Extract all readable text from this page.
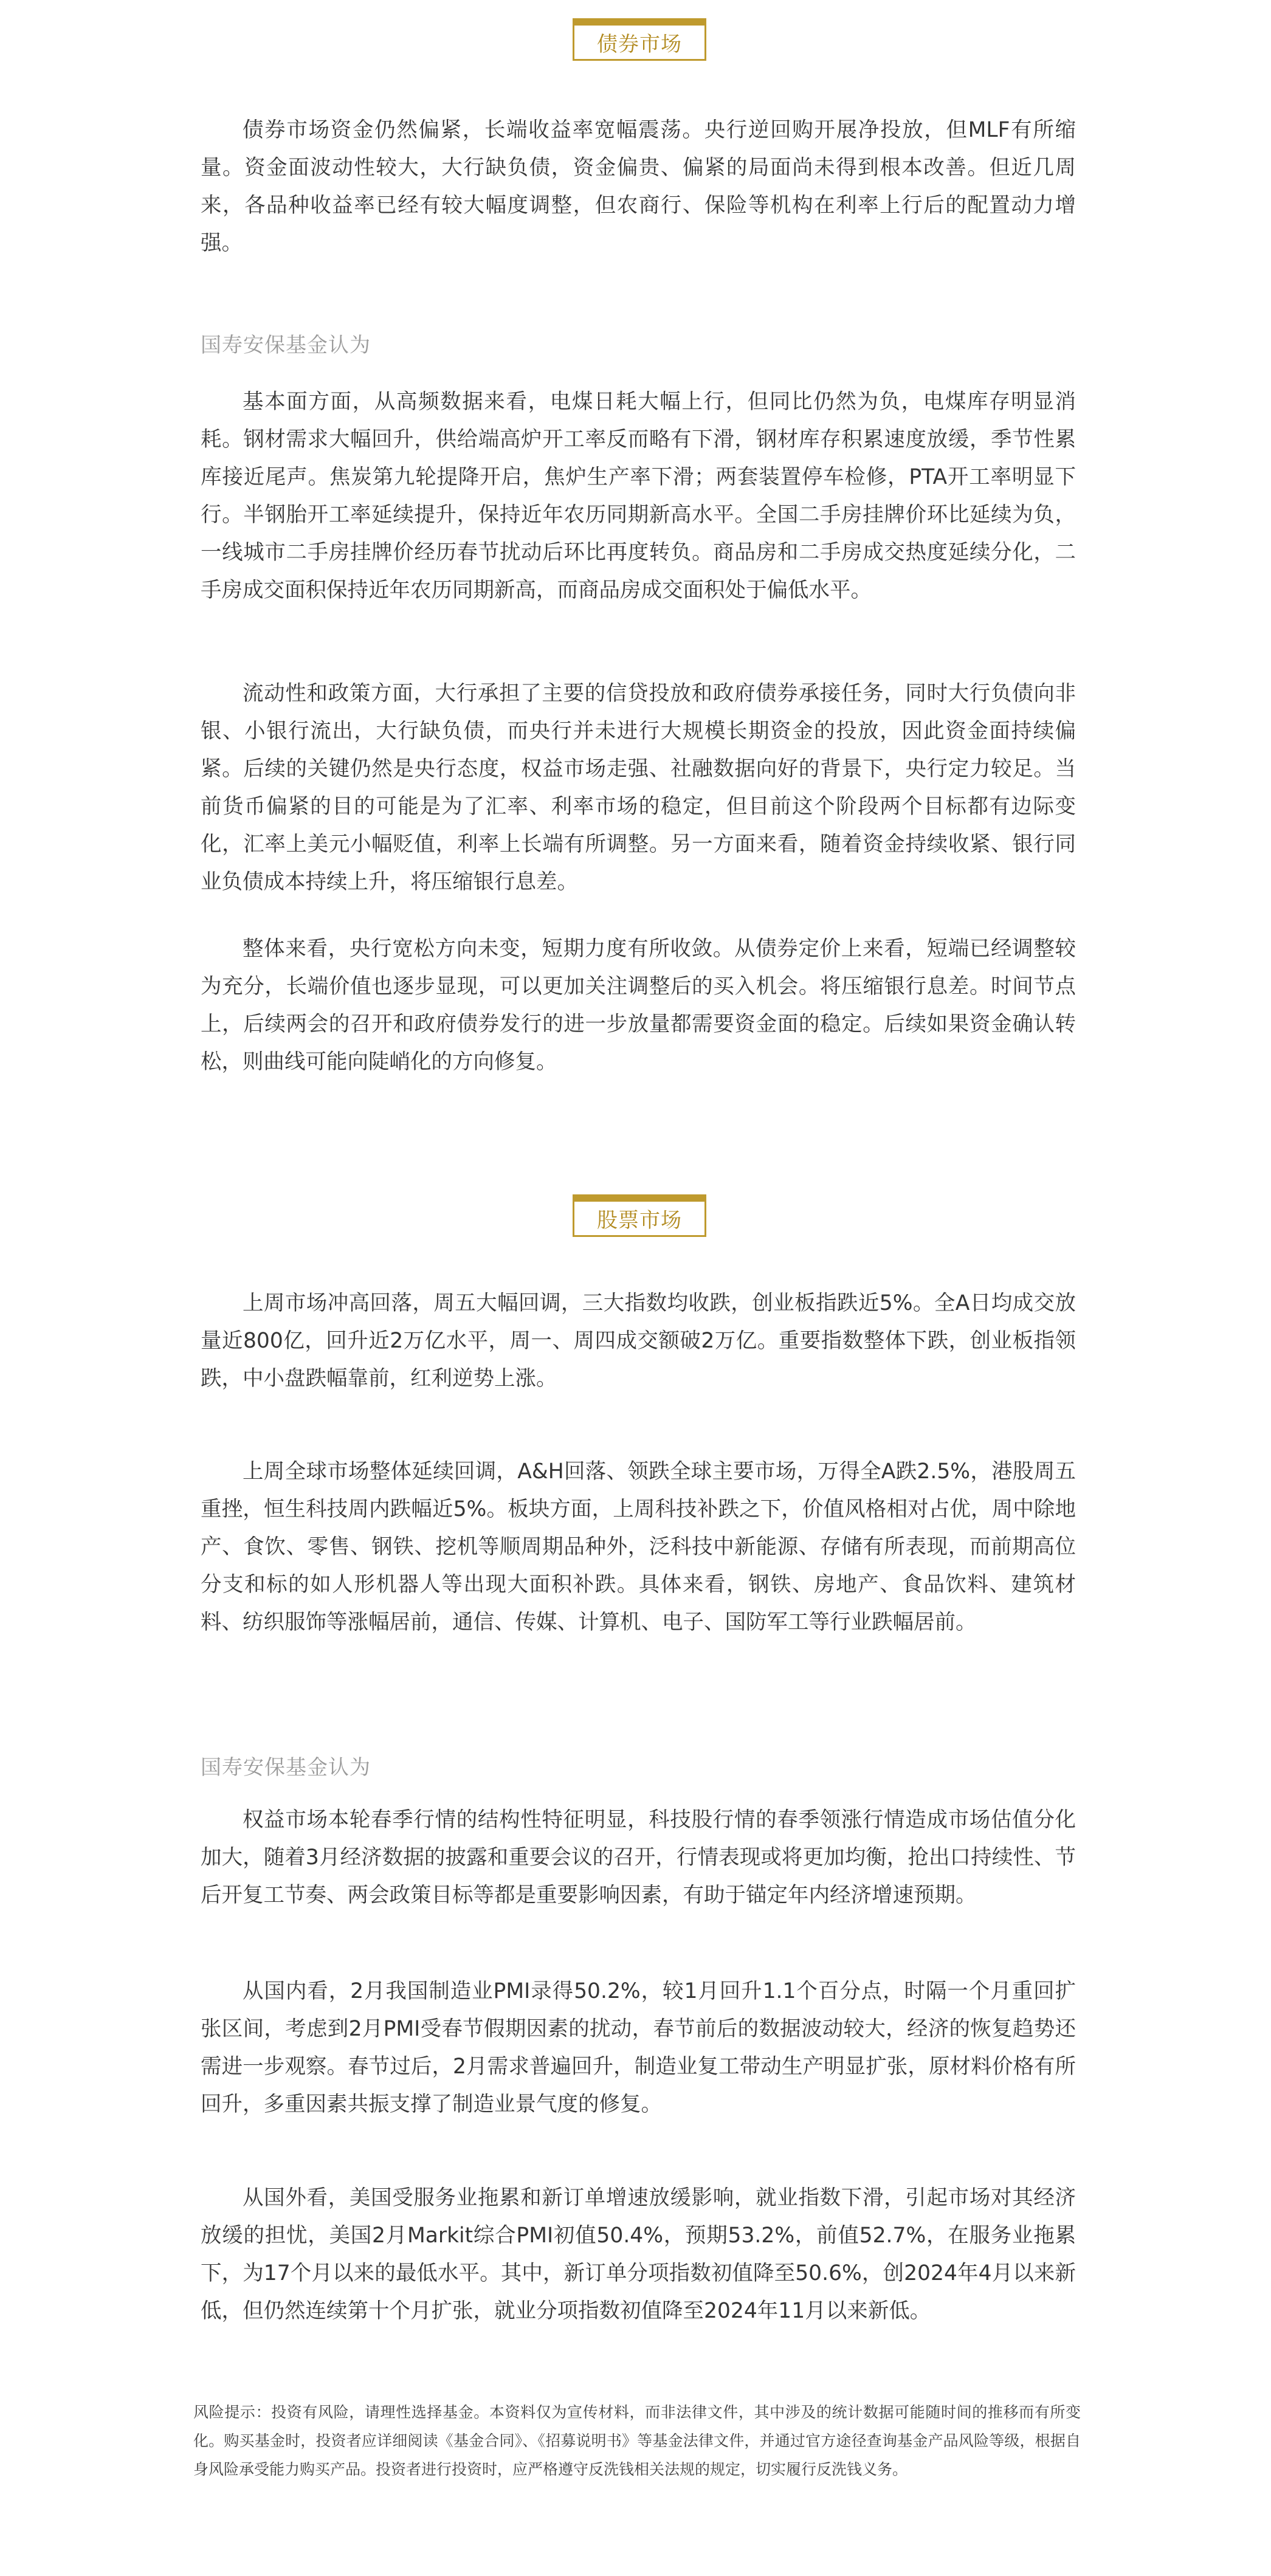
债券市场

债券市场资金仍然偏紧，长端收益率宽幅震荡。央行逆回购开展净投放，但MLF有所缩量。资金面波动性较大，大行缺负债，资金偏贵、偏紧的局面尚未得到根本改善。但近几周来，各品种收益率已经有较大幅度调整，但农商行、保险等机构在利率上行后的配置动力增强。

国寿安保基金认为

基本面方面，从高频数据来看，电煤日耗大幅上行，但同比仍然为负，电煤库存明显消耗。钢材需求大幅回升，供给端高炉开工率反而略有下滑，钢材库存积累速度放缓，季节性累库接近尾声。焦炭第九轮提降开启，焦炉生产率下滑；两套装置停车检修，PTA开工率明显下行。半钢胎开工率延续提升，保持近年农历同期新高水平。全国二手房挂牌价环比延续为负，一线城市二手房挂牌价经历春节扰动后环比再度转负。商品房和二手房成交热度延续分化，二手房成交面积保持近年农历同期新高，而商品房成交面积处于偏低水平。

流动性和政策方面，大行承担了主要的信贷投放和政府债券承接任务，同时大行负债向非银、小银行流出，大行缺负债，而央行并未进行大规模长期资金的投放，因此资金面持续偏紧。后续的关键仍然是央行态度，权益市场走强、社融数据向好的背景下，央行定力较足。当前货币偏紧的目的可能是为了汇率、利率市场的稳定，但目前这个阶段两个目标都有边际变化，汇率上美元小幅贬值，利率上长端有所调整。另一方面来看，随着资金持续收紧、银行同业负债成本持续上升，将压缩银行息差。

整体来看，央行宽松方向未变，短期力度有所收敛。从债券定价上来看，短端已经调整较为充分，长端价值也逐步显现，可以更加关注调整后的买入机会。将压缩银行息差。时间节点上，后续两会的召开和政府债券发行的进一步放量都需要资金面的稳定。后续如果资金确认转松，则曲线可能向陡峭化的方向修复。

股票市场

上周市场冲高回落，周五大幅回调，三大指数均收跌，创业板指跌近5%。全A日均成交放量近800亿，回升近2万亿水平，周一、周四成交额破2万亿。重要指数整体下跌，创业板指领跌，中小盘跌幅靠前，红利逆势上涨。

上周全球市场整体延续回调，A&H回落、领跌全球主要市场，万得全A跌2.5%，港股周五重挫，恒生科技周内跌幅近5%。板块方面，上周科技补跌之下，价值风格相对占优，周中除地产、食饮、零售、钢铁、挖机等顺周期品种外，泛科技中新能源、存储有所表现，而前期高位分支和标的如人形机器人等出现大面积补跌。具体来看，钢铁、房地产、食品饮料、建筑材料、纺织服饰等涨幅居前，通信、传媒、计算机、电子、国防军工等行业跌幅居前。

国寿安保基金认为

权益市场本轮春季行情的结构性特征明显，科技股行情的春季领涨行情造成市场估值分化加大，随着3月经济数据的披露和重要会议的召开，行情表现或将更加均衡，抢出口持续性、节后开复工节奏、两会政策目标等都是重要影响因素，有助于锚定年内经济增速预期。

从国内看，2月我国制造业PMI录得50.2%，较1月回升1.1个百分点，时隔一个月重回扩张区间，考虑到2月PMI受春节假期因素的扰动，春节前后的数据波动较大，经济的恢复趋势还需进一步观察。春节过后，2月需求普遍回升，制造业复工带动生产明显扩张，原材料价格有所回升，多重因素共振支撑了制造业景气度的修复。

从国外看，美国受服务业拖累和新订单增速放缓影响，就业指数下滑，引起市场对其经济放缓的担忧，美国2月Markit综合PMI初值50.4%，预期53.2%，前值52.7%，在服务业拖累下，为17个月以来的最低水平。其中，新订单分项指数初值降至50.6%，创2024年4月以来新低，但仍然连续第十个月扩张，就业分项指数初值降至2024年11月以来新低。

风险提示：投资有风险，请理性选择基金。本资料仅为宣传材料，而非法律文件，其中涉及的统计数据可能随时间的推移而有所变化。购买基金时，投资者应详细阅读《基金合同》、《招募说明书》等基金法律文件，并通过官方途径查询基金产品风险等级，根据自身风险承受能力购买产品。投资者进行投资时，应严格遵守反洗钱相关法规的规定，切实履行反洗钱义务。
